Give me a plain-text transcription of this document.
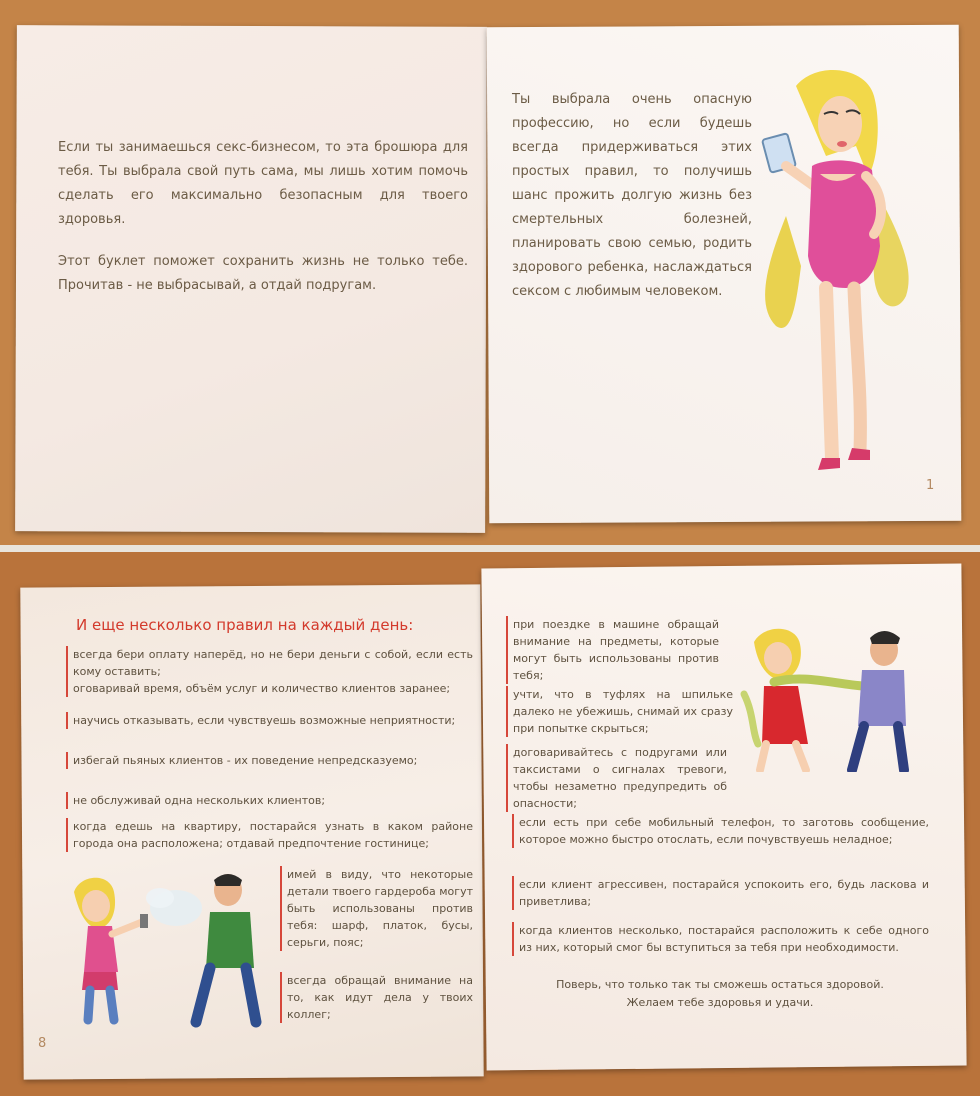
Если ты занимаешься секс-бизнесом, то эта брошюра для тебя. Ты выбрала свой путь сама, мы лишь хотим помочь сделать его максимально безопасным для твоего здоровья.
Этот буклет поможет сохранить жизнь не только тебе. Прочитав - не выбрасывай, а отдай подругам.
Ты выбрала очень опасную профессию, но если будешь всегда придерживаться этих простых правил, то получишь шанс прожить долгую жизнь без смертельных болезней, планировать свою семью, родить здорового ребенка, наслаждаться сексом с любимым человеком.
1
И еще несколько правил на каждый день:
всегда бери оплату наперёд, но не бери деньги с собой, если есть кому оставить;
оговаривай время, объём услуг и количество клиентов заранее;
научись отказывать, если чувствуешь возможные неприятности;
избегай пьяных клиентов - их поведение непредсказуемо;
не обслуживай одна нескольких клиентов;
когда едешь на квартиру, постарайся узнать в каком районе города она расположена; отдавай предпочтение гостинице;
имей в виду, что некоторые детали твоего гардероба могут быть использованы против тебя: шарф, платок, бусы, серьги, пояс;
всегда обращай внимание на то, как идут дела у твоих коллег;
8
при поездке в машине обращай внимание на предметы, которые могут быть использованы против тебя;
учти, что в туфлях на шпильке далеко не убежишь, снимай их сразу при попытке скрыться;
договаривайтесь с подругами или таксистами о сигналах тревоги, чтобы незаметно предупредить об опасности;
если есть при себе мобильный телефон, то заготовь сообщение, которое можно быстро отослать, если почувствуешь неладное;
если клиент агрессивен, постарайся успокоить его, будь ласкова и приветлива;
когда клиентов несколько, постарайся расположить к себе одного из них, который смог бы вступиться за тебя при необходимости.
Поверь, что только так ты сможешь остаться здоровой.
Желаем тебе здоровья и удачи.
